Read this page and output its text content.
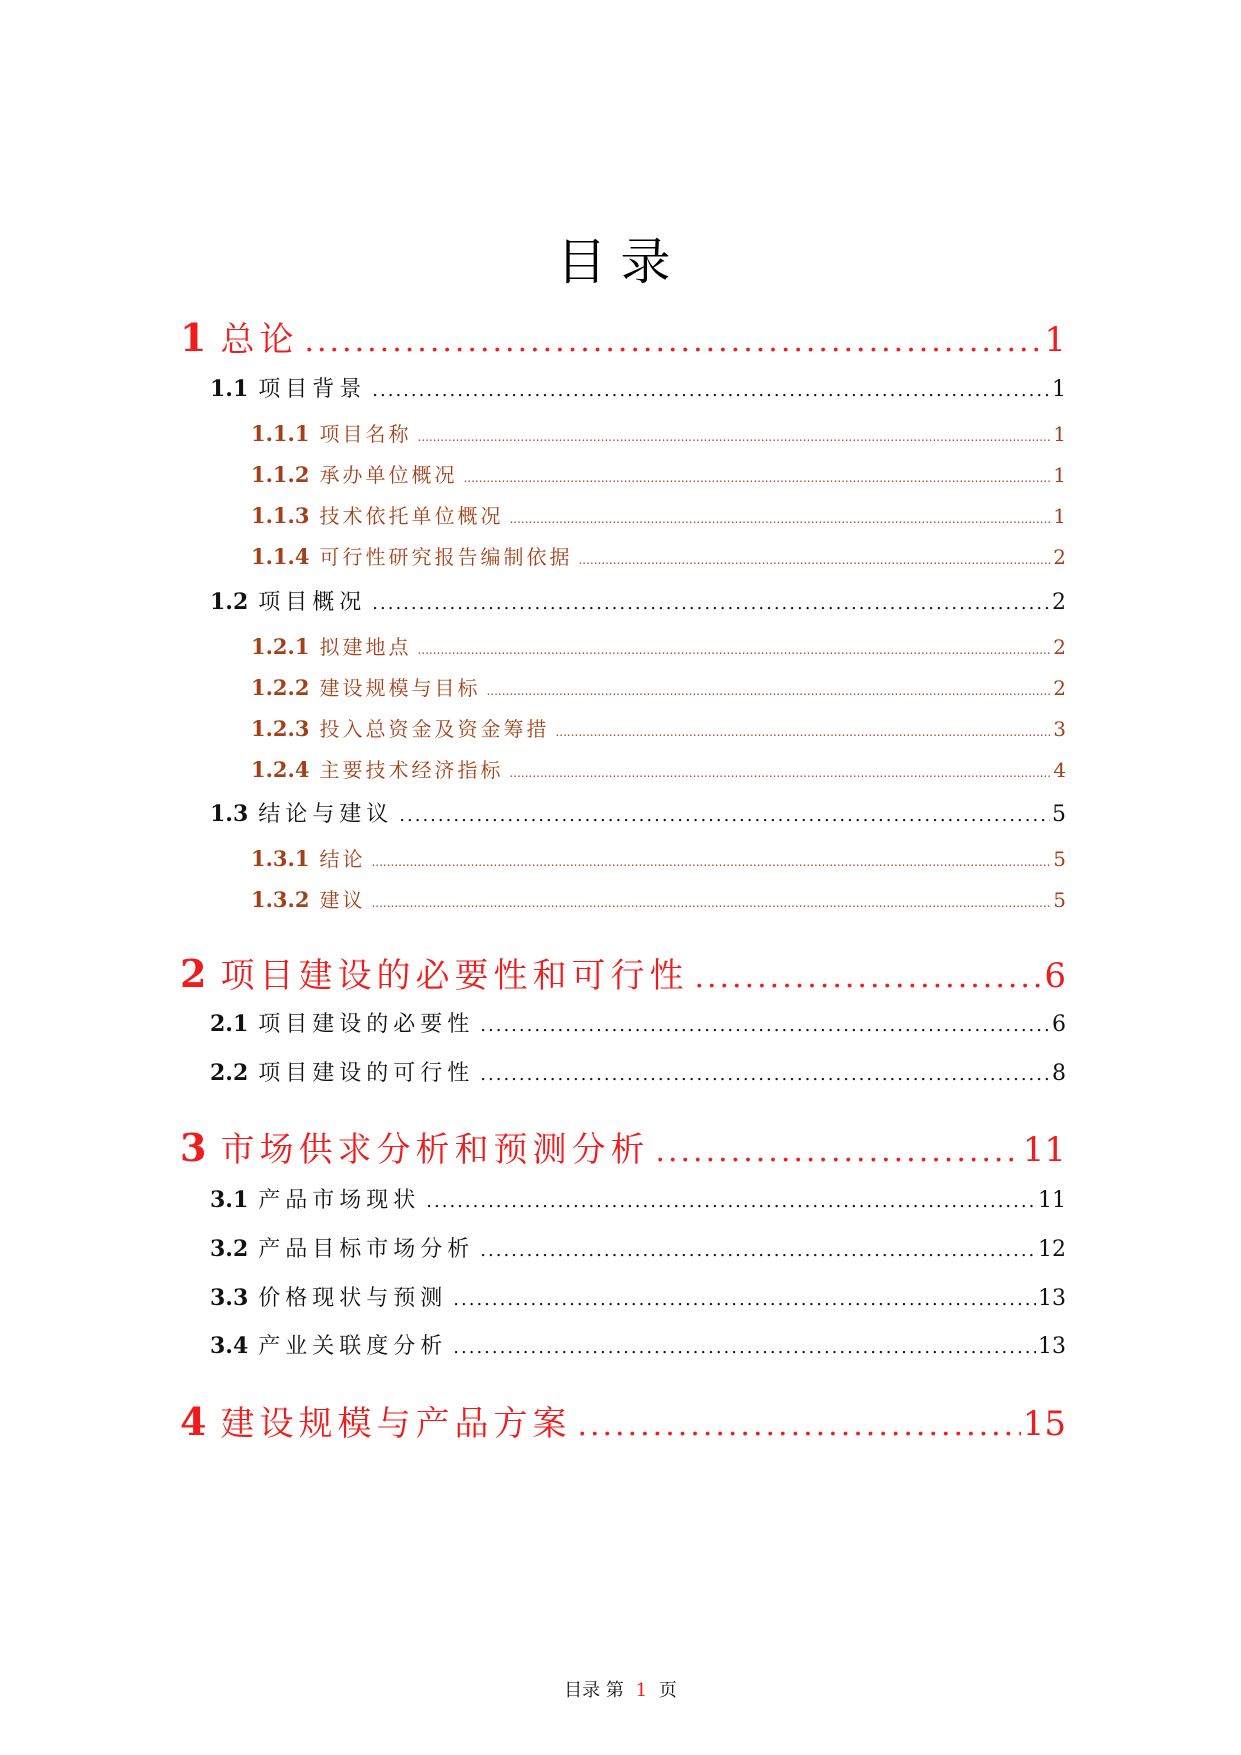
目录
1 总论 .....	1
1.1 项目背景 .....	1
1.1.1 项目名称 .....	1
1.1.2 承办单位概况 .....	1
1.1.3 技术依托单位概况 .....	1
1.1.4 可行性研究报告编制依据 .....	2
1.2 项目概况 .....	2
1.2.1 拟建地点 .....	2
1.2.2 建设规模与目标 .....	2
1.2.3 投入总资金及资金筹措 .....	3
1.2.4 主要技术经济指标 .....	4
1.3 结论与建议 .....	5
1.3.1 结论 .....	5
1.3.2 建议 .....	5
2 项目建设的必要性和可行性 .....	6
2.1 项目建设的必要性 .....	6
2.2 项目建设的可行性 .....	8
3 市场供求分析和预测分析 .....	11
3.1 产品市场现状 .....	11
3.2 产品目标市场分析 .....	12
3.3 价格现状与预测 .....	13
3.4 产业关联度分析 .....	13
4 建设规模与产品方案 .....	15
目录 第 1 页
